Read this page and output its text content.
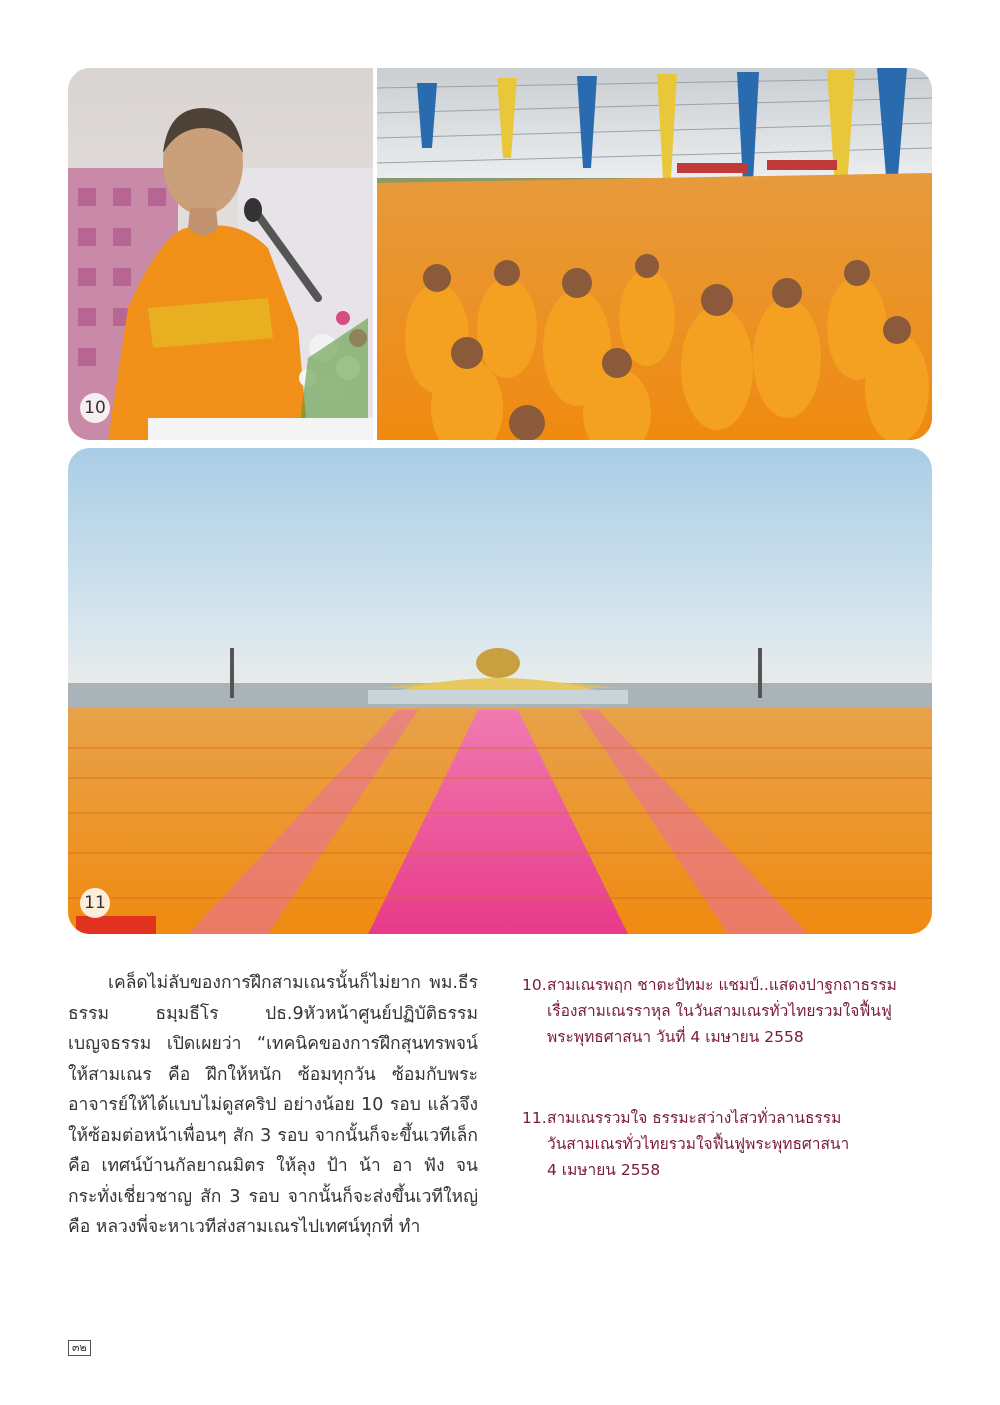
10
11

เคล็ดไม่ลับของการฝึกสามเณรนั้นก็ไม่ยาก พม.ธีรธรรม ธมฺมธีโร ปธ.9หัวหน้าศูนย์ปฏิบัติธรรม เบญจธรรม เปิดเผยว่า “เทคนิคของการฝึกสุนทรพจน์ให้สามเณร คือ ฝึกให้หนัก ซ้อมทุกวัน ซ้อมกับพระอาจารย์ให้ได้แบบไม่ดูสคริป อย่างน้อย 10 รอบ แล้วจึงให้ซ้อมต่อหน้าเพื่อนๆ สัก 3 รอบ จากนั้นก็จะขึ้นเวทีเล็ก คือ เทศน์บ้านกัลยาณมิตร ให้ลุง ป้า น้า อา ฟัง จนกระทั่งเชี่ยวชาญ สัก 3 รอบ จากนั้นก็จะส่งขึ้นเวทีใหญ่ คือ หลวงพี่จะหาเวทีส่งสามเณรไปเทศน์ทุกที่ ทำ

10.สามเณรพฤก ชาตะปัทมะ แชมป์..แสดงปาฐกถาธรรม
เรื่องสามเณรราหุล ในวันสามเณรทั่วไทยรวมใจฟื้นฟู
พระพุทธศาสนา วันที่ 4 เมษายน 2558
11.สามเณรรวมใจ ธรรมะสว่างไสวทั่วลานธรรม
วันสามเณรทั่วไทยรวมใจฟื้นฟูพระพุทธศาสนา
4 เมษายน 2558
๓๒
